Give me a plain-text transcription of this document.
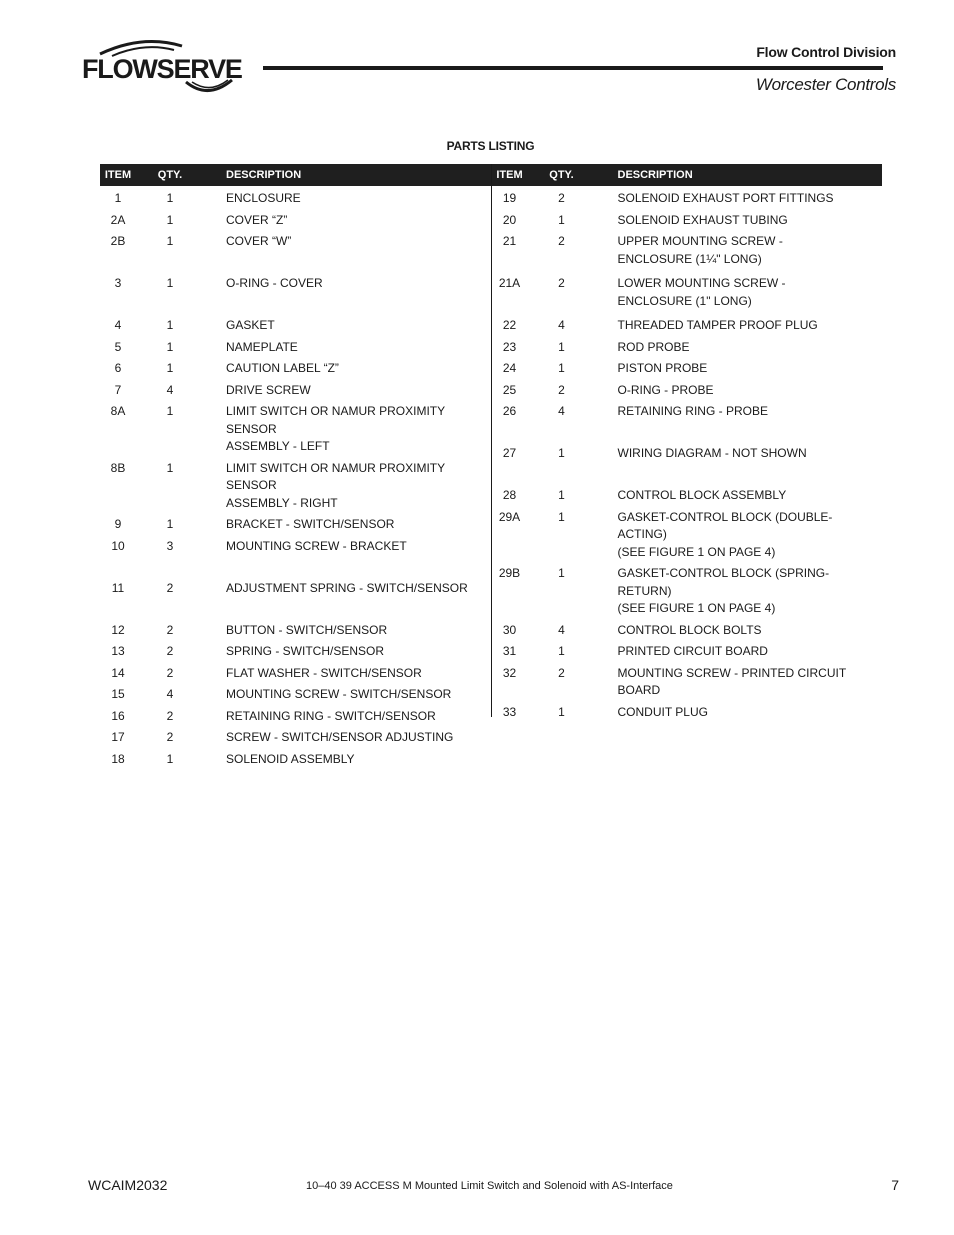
FLOWSERVE
Flow Control Division
Worcester Controls
PARTS LISTING
ITEM	QTY.	DESCRIPTION
1	1	ENCLOSURE
2A	1	COVER “Z”
2B	1	COVER “W”
3	1	O-RING - COVER
4	1	GASKET
5	1	NAMEPLATE
6	1	CAUTION LABEL “Z”
7	4	DRIVE SCREW
8A	1	LIMIT SWITCH OR NAMUR PROXIMITY SENSOR
ASSEMBLY - LEFT
8B	1	LIMIT SWITCH OR NAMUR PROXIMITY SENSOR
ASSEMBLY - RIGHT
9	1	BRACKET - SWITCH/SENSOR
10	3	MOUNTING SCREW - BRACKET
11	2	ADJUSTMENT SPRING - SWITCH/SENSOR
12	2	BUTTON - SWITCH/SENSOR
13	2	SPRING - SWITCH/SENSOR
14	2	FLAT WASHER - SWITCH/SENSOR
15	4	MOUNTING SCREW - SWITCH/SENSOR
16	2	RETAINING RING - SWITCH/SENSOR
17	2	SCREW - SWITCH/SENSOR ADJUSTING
18	1	SOLENOID ASSEMBLY
ITEM	QTY.	DESCRIPTION
19	2	SOLENOID EXHAUST PORT FITTINGS
20	1	SOLENOID EXHAUST TUBING
21	2	UPPER MOUNTING SCREW -
ENCLOSURE (1¼" LONG)
21A	2	LOWER MOUNTING SCREW -
ENCLOSURE (1" LONG)
22	4	THREADED TAMPER PROOF PLUG
23	1	ROD PROBE
24	1	PISTON PROBE
25	2	O-RING - PROBE
26	4	RETAINING RING - PROBE
27	1	WIRING DIAGRAM - NOT SHOWN
28	1	CONTROL BLOCK ASSEMBLY
29A	1	GASKET-CONTROL BLOCK (DOUBLE-ACTING)
(SEE FIGURE 1 ON PAGE 4)
29B	1	GASKET-CONTROL BLOCK (SPRING-RETURN)
(SEE FIGURE 1 ON PAGE 4)
30	4	CONTROL BLOCK BOLTS
31	1	PRINTED CIRCUIT BOARD
32	2	MOUNTING SCREW - PRINTED CIRCUIT BOARD
33	1	CONDUIT PLUG
WCAIM2032	10–40 39 ACCESS M Mounted Limit Switch and Solenoid with AS-Interface	7
